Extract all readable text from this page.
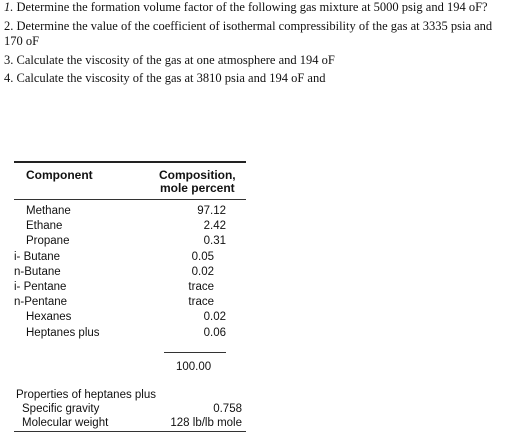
1. Determine the formation volume factor of the following gas mixture at 5000 psig and 194 oF?

2. Determine the value of the coefficient of isothermal compressibility of the gas at 3335 psia and 170 oF

3. Calculate the viscosity of the gas at one atmosphere and 194 oF

4. Calculate the viscosity of the gas at 3810 psia and 194 oF and

Component	Composition,
mole percent
Methane	97.12
Ethane	2.42
Propane	0.31
i- Butane	0.05
n-Butane	0.02
i- Pentane	trace
n-Pentane	trace
Hexanes	0.02
Heptanes plus	0.06
100.00
Properties of heptanes plus
Specific gravity	0.758
Molecular weight	128 lb/lb mole
